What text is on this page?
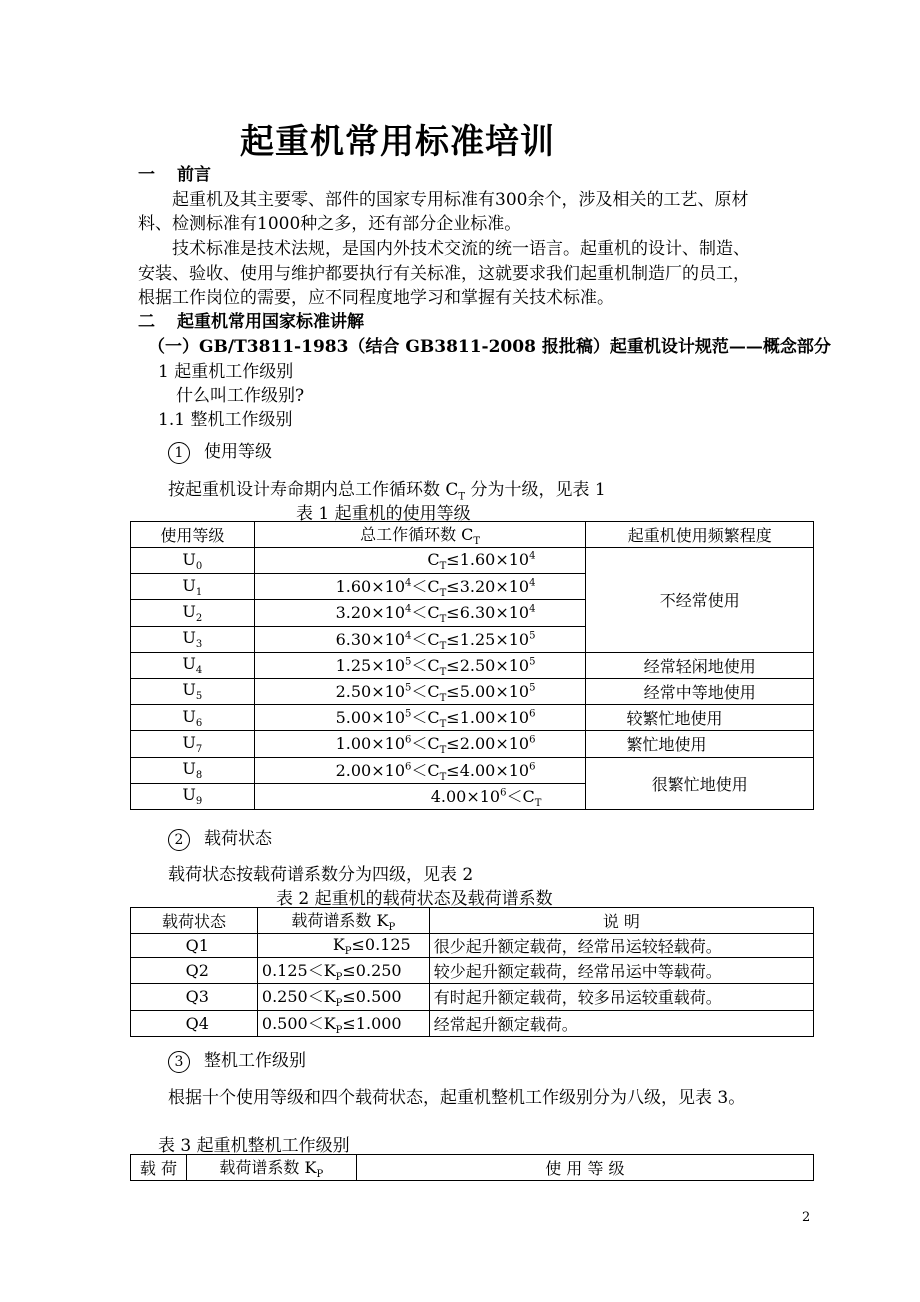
起重机常用标准培训
一 前言
起重机及其主要零、部件的国家专用标准有300余个，涉及相关的工艺、原材
料、检测标准有1000种之多，还有部分企业标准。
技术标准是技术法规，是国内外技术交流的统一语言。起重机的设计、制造、
安装、验收、使用与维护都要执行有关标准，这就要求我们起重机制造厂的员工，
根据工作岗位的需要，应不同程度地学习和掌握有关技术标准。
二 起重机常用国家标准讲解
（一）GB/T3811-1983（结合 GB3811-2008 报批稿）起重机设计规范——概念部分
1 起重机工作级别
什么叫工作级别?
1.1 整机工作级别
1 使用等级
按起重机设计寿命期内总工作循环数 $C_T$ 分为十级，见表 1
表 1 起重机的使用等级
使用等级	总工作循环数 $C_T$	起重机使用频繁程度
$U_0$	$C_T\le 1.60\times 10^4$	不经常使用
$U_1$	$1.60\times 10^4<C_T\le 3.20\times 10^4$
$U_2$	$3.20\times 10^4<C_T\le 6.30\times 10^4$
$U_3$	$6.30\times 10^4<C_T\le 1.25\times 10^5$
$U_4$	$1.25\times 10^5<C_T\le 2.50\times 10^5$	经常轻闲地使用
$U_5$	$2.50\times 10^5<C_T\le 5.00\times 10^5$	经常中等地使用
$U_6$	$5.00\times 10^5<C_T\le 1.00\times 10^6$	较繁忙地使用
$U_7$	$1.00\times 10^6<C_T\le 2.00\times 10^6$	繁忙地使用
$U_8$	$2.00\times 10^6<C_T\le 4.00\times 10^6$	很繁忙地使用
$U_9$	$4.00\times 10^6<C_T$
2 载荷状态
载荷状态按载荷谱系数分为四级，见表 2
表 2 起重机的载荷状态及载荷谱系数
载荷状态	载荷谱系数 $K_P$	说 明
Q1	$K_P\le 0.125$	很少起升额定载荷，经常吊运较轻载荷。
Q2	$0.125<K_P\le 0.250$	较少起升额定载荷，经常吊运中等载荷。
Q3	$0.250<K_P\le 0.500$	有时起升额定载荷，较多吊运较重载荷。
Q4	$0.500<K_P\le 1.000$	经常起升额定载荷。
3 整机工作级别
根据十个使用等级和四个载荷状态，起重机整机工作级别分为八级，见表 3。
表 3 起重机整机工作级别
载 荷	载荷谱系数 $K_P$	使 用 等 级
2
